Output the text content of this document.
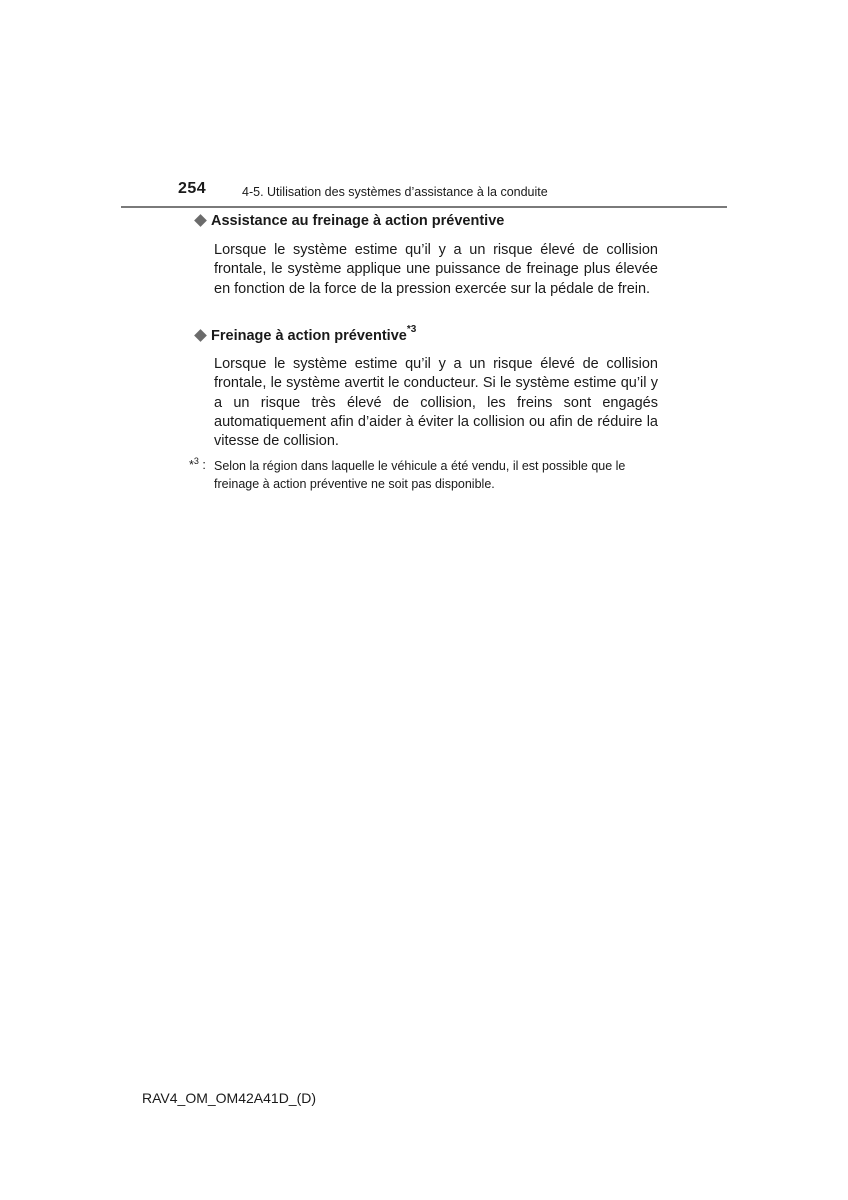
254	4-5. Utilisation des systèmes d’assistance à la conduite
Assistance au freinage à action préventive
Lorsque le système estime qu’il y a un risque élevé de collision frontale, le système applique une puissance de freinage plus élevée en fonction de la force de la pression exercée sur la pédale de frein.
Freinage à action préventive$^{*3}$
Lorsque le système estime qu’il y a un risque élevé de collision frontale, le système avertit le conducteur. Si le système estime qu’il y a un risque très élevé de collision, les freins sont engagés automatiquement afin d’aider à éviter la collision ou afin de réduire la vitesse de collision.
*$^3$ : Selon la région dans laquelle le véhicule a été vendu, il est possible que le freinage à action préventive ne soit pas disponible.
RAV4_OM_OM42A41D_(D)
